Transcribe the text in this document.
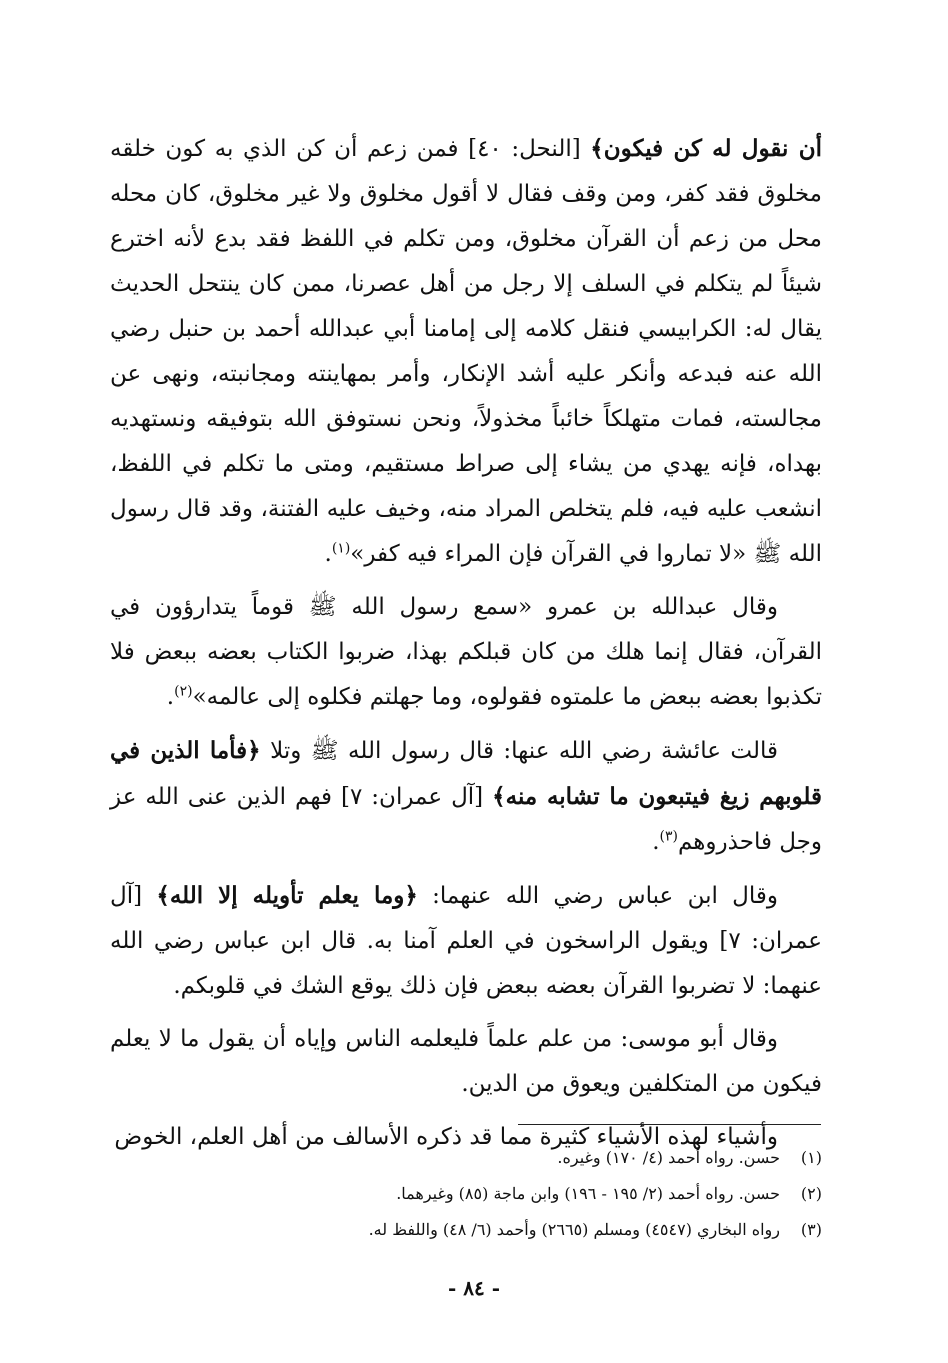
أن نقول له كن فيكون﴾ [النحل: ٤٠] فمن زعم أن كن الذي به كون خلقه مخلوق فقد كفر، ومن وقف فقال لا أقول مخلوق ولا غير مخلوق، كان محله محل من زعم أن القرآن مخلوق، ومن تكلم في اللفظ فقد بدع لأنه اخترع شيئاً لم يتكلم في السلف إلا رجل من أهل عصرنا، ممن كان ينتحل الحديث يقال له: الكرابيسي فنقل كلامه إلى إمامنا أبي عبدالله أحمد بن حنبل رضي الله عنه فبدعه وأنكر عليه أشد الإنكار، وأمر بمهاينته ومجانبته، ونهى عن مجالسته، فمات متهلكاً خائباً مخذولاً، ونحن نستوفق الله بتوفيقه ونستهديه بهداه، فإنه يهدي من يشاء إلى صراط مستقيم، ومتى ما تكلم في اللفظ، انشعب عليه فيه، فلم يتخلص المراد منه، وخيف عليه الفتنة، وقد قال رسول الله ﷺ «لا تماروا في القرآن فإن المراء فيه كفر»$^{(١)}$.

وقال عبدالله بن عمرو «سمع رسول الله ﷺ قوماً يتدارؤون في القرآن، فقال إنما هلك من كان قبلكم بهذا، ضربوا الكتاب بعضه ببعض فلا تكذبوا بعضه ببعض ما علمتوه فقولوه، وما جهلتم فكلوه إلى عالمه»$^{(٢)}$.

قالت عائشة رضي الله عنها: قال رسول الله ﷺ وتلا ﴿فأما الذين في قلوبهم زيغ فيتبعون ما تشابه منه﴾ [آل عمران: ٧] فهم الذين عنى الله عز وجل فاحذروهم$^{(٣)}$.

وقال ابن عباس رضي الله عنهما: ﴿وما يعلم تأويله إلا الله﴾ [آل عمران: ٧] ويقول الراسخون في العلم آمنا به. قال ابن عباس رضي الله عنهما: لا تضربوا القرآن بعضه ببعض فإن ذلك يوقع الشك في قلوبكم.

وقال أبو موسى: من علم علماً فليعلمه الناس وإياه أن يقول ما لا يعلم فيكون من المتكلفين ويعوق من الدين.

وأشياء لهذه الأشياء كثيرة مما قد ذكره الأسالف من أهل العلم، الخوض

(١)
حسن. رواه أحمد (٤/ ١٧٠) وغيره.
(٢)
حسن. رواه أحمد (٢/ ١٩٥ - ١٩٦) وابن ماجة (٨٥) وغيرهما.
(٣)
رواه البخاري (٤٥٤٧) ومسلم (٢٦٦٥) وأحمد (٦/ ٤٨) واللفظ له.
- ٨٤ -
